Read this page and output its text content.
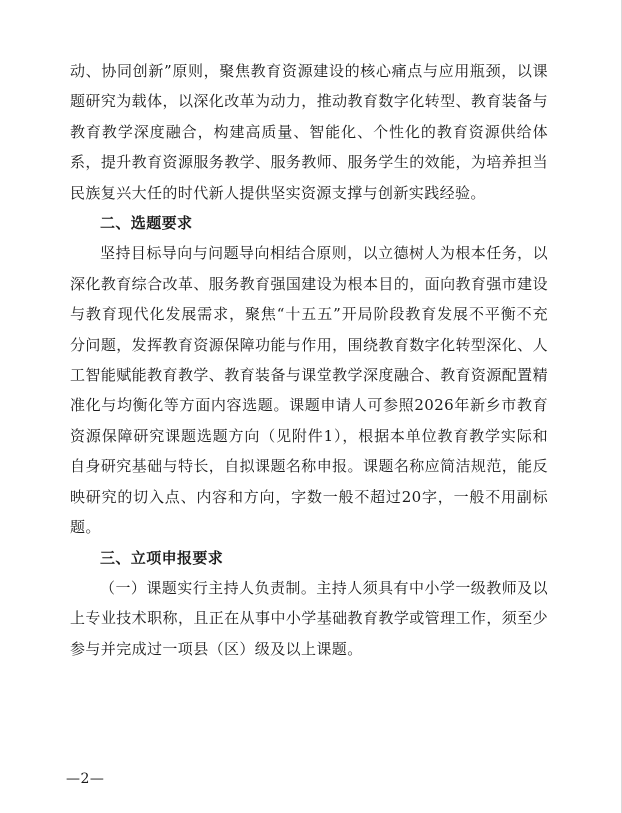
动、协同创新”原则，聚焦教育资源建设的核心痛点与应用瓶颈，以课题研究为载体，以深化改革为动力，推动教育数字化转型、教育装备与教育教学深度融合，构建高质量、智能化、个性化的教育资源供给体系，提升教育资源服务教学、服务教师、服务学生的效能，为培养担当民族复兴大任的时代新人提供坚实资源支撑与创新实践经验。

二、选题要求

坚持目标导向与问题导向相结合原则，以立德树人为根本任务，以深化教育综合改革、服务教育强国建设为根本目的，面向教育强市建设与教育现代化发展需求，聚焦“十五五”开局阶段教育发展不平衡不充分问题，发挥教育资源保障功能与作用，围绕教育数字化转型深化、人工智能赋能教育教学、教育装备与课堂教学深度融合、教育资源配置精准化与均衡化等方面内容选题。课题申请人可参照2026年新乡市教育资源保障研究课题选题方向（见附件1），根据本单位教育教学实际和自身研究基础与特长，自拟课题名称申报。课题名称应简洁规范，能反映研究的切入点、内容和方向，字数一般不超过20字，一般不用副标题。

三、立项申报要求

（一）课题实行主持人负责制。主持人须具有中小学一级教师及以上专业技术职称，且正在从事中小学基础教育教学或管理工作，须至少参与并完成过一项县（区）级及以上课题。

—2—
